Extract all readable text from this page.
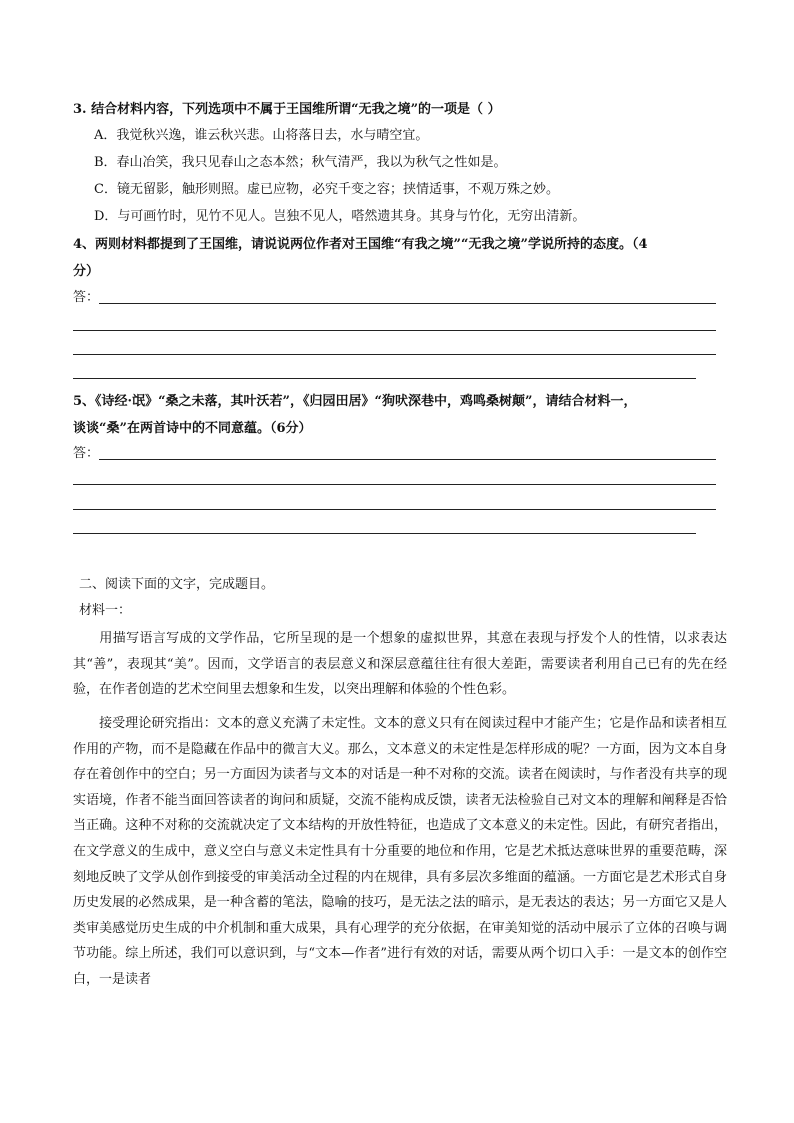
3. 结合材料内容，下列选项中不属于王国维所谓“无我之境”的一项是（ ）
A．我觉秋兴逸，谁云秋兴悲。山将落日去，水与晴空宜。
B．春山冶笑，我只见春山之态本然；秋气清严，我以为秋气之性如是。
C．镜无留影，触形则照。虚已应物，必究千变之容；挟情适事，不观万殊之妙。
D．与可画竹时，见竹不见人。岂独不见人，嗒然遗其身。其身与竹化，无穷出清新。
4、两则材料都提到了王国维，请说说两位作者对王国维“有我之境”“无我之境”学说所持的态度。（4
分）
答：
5、《诗经·氓》“桑之未落，其叶沃若”，《归园田居》“狗吠深巷中，鸡鸣桑树颠”，请结合材料一，
谈谈“桑”在两首诗中的不同意蕴。（6分）
答：
二、阅读下面的文字，完成题目。
材料一：
用描写语言写成的文学作品，它所呈现的是一个想象的虚拟世界，其意在表现与抒发个人的性情，以求表达其“善”，表现其“美”。因而，文学语言的表层意义和深层意蕴往往有很大差距，需要读者利用自己已有的先在经验，在作者创造的艺术空间里去想象和生发，以突出理解和体验的个性色彩。
接受理论研究指出：文本的意义充满了未定性。文本的意义只有在阅读过程中才能产生；它是作品和读者相互作用的产物，而不是隐藏在作品中的微言大义。那么，文本意义的未定性是怎样形成的呢？一方面，因为文本自身存在着创作中的空白；另一方面因为读者与文本的对话是一种不对称的交流。读者在阅读时，与作者没有共享的现实语境，作者不能当面回答读者的询问和质疑，交流不能构成反馈，读者无法检验自己对文本的理解和阐释是否恰当正确。这种不对称的交流就决定了文本结构的开放性特征，也造成了文本意义的未定性。因此，有研究者指出，在文学意义的生成中，意义空白与意义未定性具有十分重要的地位和作用，它是艺术抵达意味世界的重要范畴，深刻地反映了文学从创作到接受的审美活动全过程的内在规律，具有多层次多维面的蕴涵。一方面它是艺术形式自身历史发展的必然成果，是一种含蓄的笔法，隐喻的技巧，是无法之法的暗示，是无表达的表达；另一方面它又是人类审美感觉历史生成的中介机制和重大成果，具有心理学的充分依据，在审美知觉的活动中展示了立体的召唤与调节功能。综上所述，我们可以意识到，与“文本—作者”进行有效的对话，需要从两个切口入手：一是文本的创作空白，一是读者
